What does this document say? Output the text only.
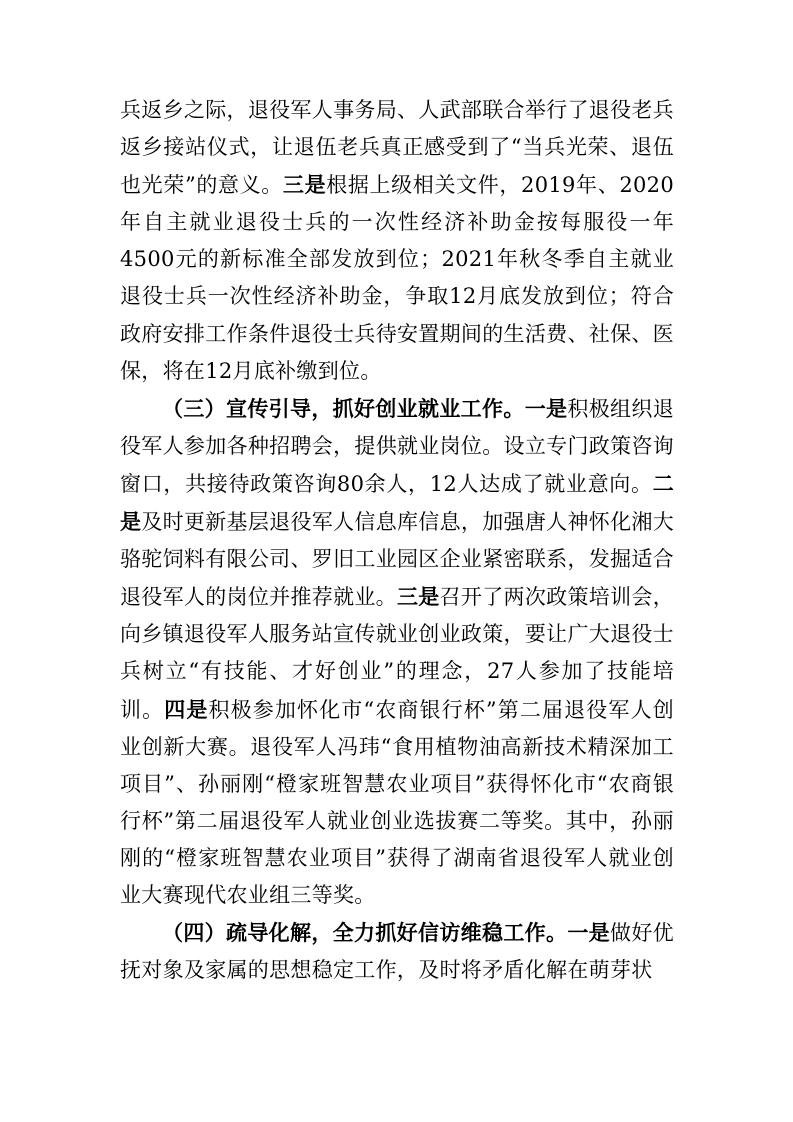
兵返乡之际，退役军人事务局、人武部联合举行了退役老兵返乡接站仪式，让退伍老兵真正感受到了“当兵光荣、退伍也光荣”的意义。三是根据上级相关文件，2019年、2020年自主就业退役士兵的一次性经济补助金按每服役一年4500元的新标准全部发放到位；2021年秋冬季自主就业退役士兵一次性经济补助金，争取12月底发放到位；符合政府安排工作条件退役士兵待安置期间的生活费、社保、医保，将在12月底补缴到位。

（三）宣传引导，抓好创业就业工作。一是积极组织退役军人参加各种招聘会，提供就业岗位。设立专门政策咨询窗口，共接待政策咨询80余人，12人达成了就业意向。二是及时更新基层退役军人信息库信息，加强唐人神怀化湘大骆驼饲料有限公司、罗旧工业园区企业紧密联系，发掘适合退役军人的岗位并推荐就业。三是召开了两次政策培训会，向乡镇退役军人服务站宣传就业创业政策，要让广大退役士兵树立“有技能、才好创业”的理念，27人参加了技能培训。四是积极参加怀化市“农商银行杯”第二届退役军人创业创新大赛。退役军人冯玮“食用植物油高新技术精深加工项目”、孙丽刚“橙家班智慧农业项目”获得怀化市“农商银行杯”第二届退役军人就业创业选拔赛二等奖。其中，孙丽刚的“橙家班智慧农业项目”获得了湖南省退役军人就业创业大赛现代农业组三等奖。

（四）疏导化解，全力抓好信访维稳工作。一是做好优抚对象及家属的思想稳定工作，及时将矛盾化解在萌芽状
